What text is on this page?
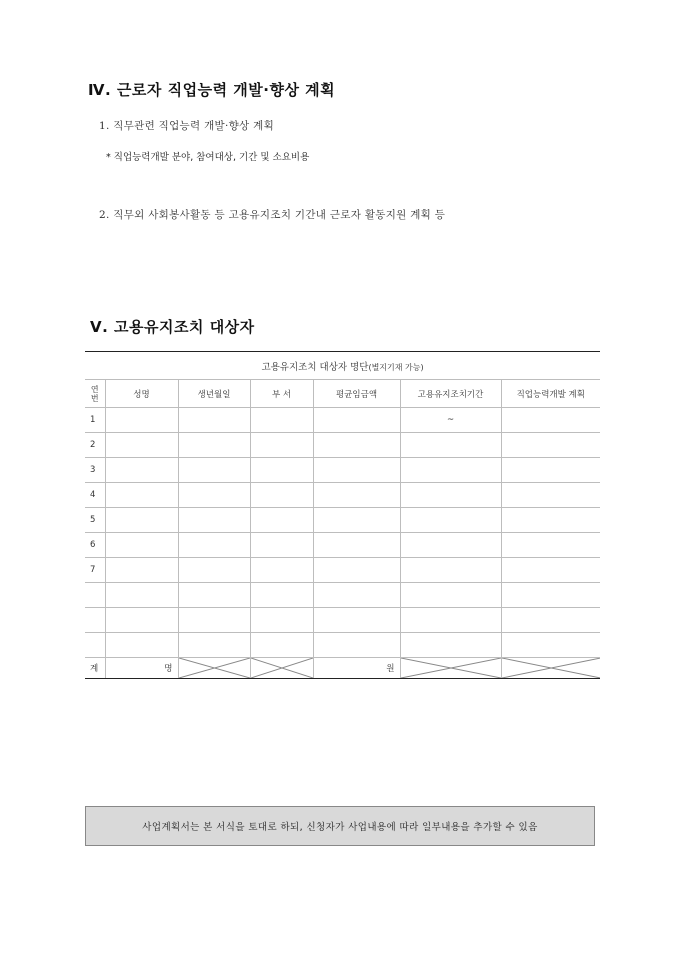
Ⅳ. 근로자 직업능력 개발·향상 계획
1. 직무관련 직업능력 개발·향상 계획
* 직업능력개발 분야, 참여대상, 기간 및 소요비용
2. 직무외 사회봉사활동 등 고용유지조치 기간내 근로자 활동지원 계획 등
Ⅴ. 고용유지조치 대상자
고용유지조치 대상자 명단(별지기재 가능)						
연
번	성명	생년월일	부 서	평균임금액	고용유지조치기간	직업능력개발 계획
1					~	
2						
3						
4						
5						
6						
7						

계	명			원	

사업계획서는 본 서식을 토대로 하되, 신청자가 사업내용에 따라 일부내용을 추가할 수 있음
